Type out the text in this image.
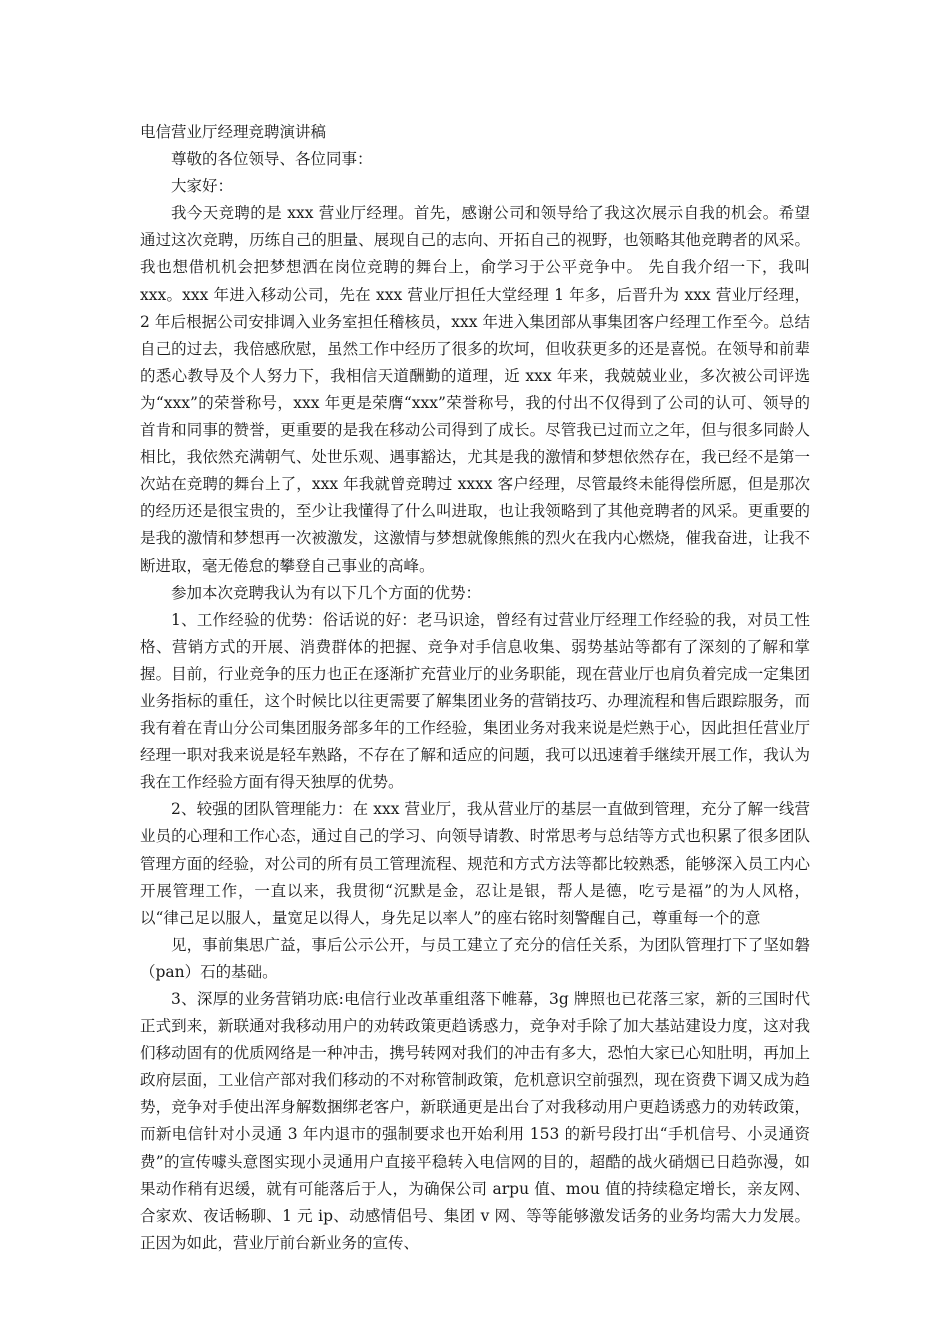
电信营业厅经理竞聘演讲稿

尊敬的各位领导、各位同事：

大家好：

我今天竞聘的是 xxx 营业厅经理。首先，感谢公司和领导给了我这次展示自我的机会。希望通过这次竞聘，历练自己的胆量、展现自己的志向、开拓自己的视野，也领略其他竞聘者的风采。我也想借机机会把梦想洒在岗位竞聘的舞台上，俞学习于公平竞争中。 先自我介绍一下，我叫 xxx。xxx 年进入移动公司，先在 xxx 营业厅担任大堂经理 1 年多，后晋升为 xxx 营业厅经理，2 年后根据公司安排调入业务室担任稽核员，xxx 年进入集团部从事集团客户经理工作至今。总结自己的过去，我倍感欣慰，虽然工作中经历了很多的坎坷，但收获更多的还是喜悦。在领导和前辈的悉心教导及个人努力下，我相信天道酬勤的道理，近 xxx 年来，我兢兢业业，多次被公司评选为“xxx”的荣誉称号，xxx 年更是荣膺“xxx”荣誉称号，我的付出不仅得到了公司的认可、领导的首肯和同事的赞誉，更重要的是我在移动公司得到了成长。尽管我已过而立之年，但与很多同龄人相比，我依然充满朝气、处世乐观、遇事豁达，尤其是我的激情和梦想依然存在，我已经不是第一次站在竞聘的舞台上了，xxx 年我就曾竞聘过 xxxx 客户经理，尽管最终未能得偿所愿，但是那次的经历还是很宝贵的，至少让我懂得了什么叫进取，也让我领略到了其他竞聘者的风采。更重要的是我的激情和梦想再一次被激发，这激情与梦想就像熊熊的烈火在我内心燃烧，催我奋进，让我不断进取，毫无倦怠的攀登自己事业的高峰。

参加本次竞聘我认为有以下几个方面的优势：

1、工作经验的优势：俗话说的好：老马识途，曾经有过营业厅经理工作经验的我，对员工性格、营销方式的开展、消费群体的把握、竞争对手信息收集、弱势基站等都有了深刻的了解和掌握。目前，行业竞争的压力也正在逐渐扩充营业厅的业务职能，现在营业厅也肩负着完成一定集团业务指标的重任，这个时候比以往更需要了解集团业务的营销技巧、办理流程和售后跟踪服务，而我有着在青山分公司集团服务部多年的工作经验，集团业务对我来说是烂熟于心，因此担任营业厅经理一职对我来说是轻车熟路，不存在了解和适应的问题，我可以迅速着手继续开展工作，我认为我在工作经验方面有得天独厚的优势。

2、较强的团队管理能力：在 xxx 营业厅，我从营业厅的基层一直做到管理，充分了解一线营业员的心理和工作心态，通过自己的学习、向领导请教、时常思考与总结等方式也积累了很多团队管理方面的经验，对公司的所有员工管理流程、规范和方式方法等都比较熟悉，能够深入员工内心开展管理工作，一直以来，我贯彻“沉默是金，忍让是银，帮人是德，吃亏是福”的为人风格，以“律己足以服人，量宽足以得人，身先足以率人”的座右铭时刻警醒自己，尊重每一个的意

见，事前集思广益，事后公示公开，与员工建立了充分的信任关系，为团队管理打下了坚如磐（pan）石的基础。

3、深厚的业务营销功底:电信行业改革重组落下帷幕，3g 牌照也已花落三家，新的三国时代正式到来，新联通对我移动用户的劝转政策更趋诱惑力，竞争对手除了加大基站建设力度，这对我们移动固有的优质网络是一种冲击，携号转网对我们的冲击有多大，恐怕大家已心知肚明，再加上政府层面，工业信产部对我们移动的不对称管制政策，危机意识空前强烈，现在资费下调又成为趋势，竞争对手使出浑身解数捆绑老客户，新联通更是出台了对我移动用户更趋诱惑力的劝转政策，而新电信针对小灵通 3 年内退市的强制要求也开始利用 153 的新号段打出“手机信号、小灵通资费”的宣传噱头意图实现小灵通用户直接平稳转入电信网的目的，超酷的战火硝烟已日趋弥漫，如果动作稍有迟缓，就有可能落后于人，为确保公司 arpu 值、mou 值的持续稳定增长，亲友网、合家欢、夜话畅聊、1 元 ip、动感情侣号、集团 v 网、等等能够激发话务的业务均需大力发展。正因为如此，营业厅前台新业务的宣传、
